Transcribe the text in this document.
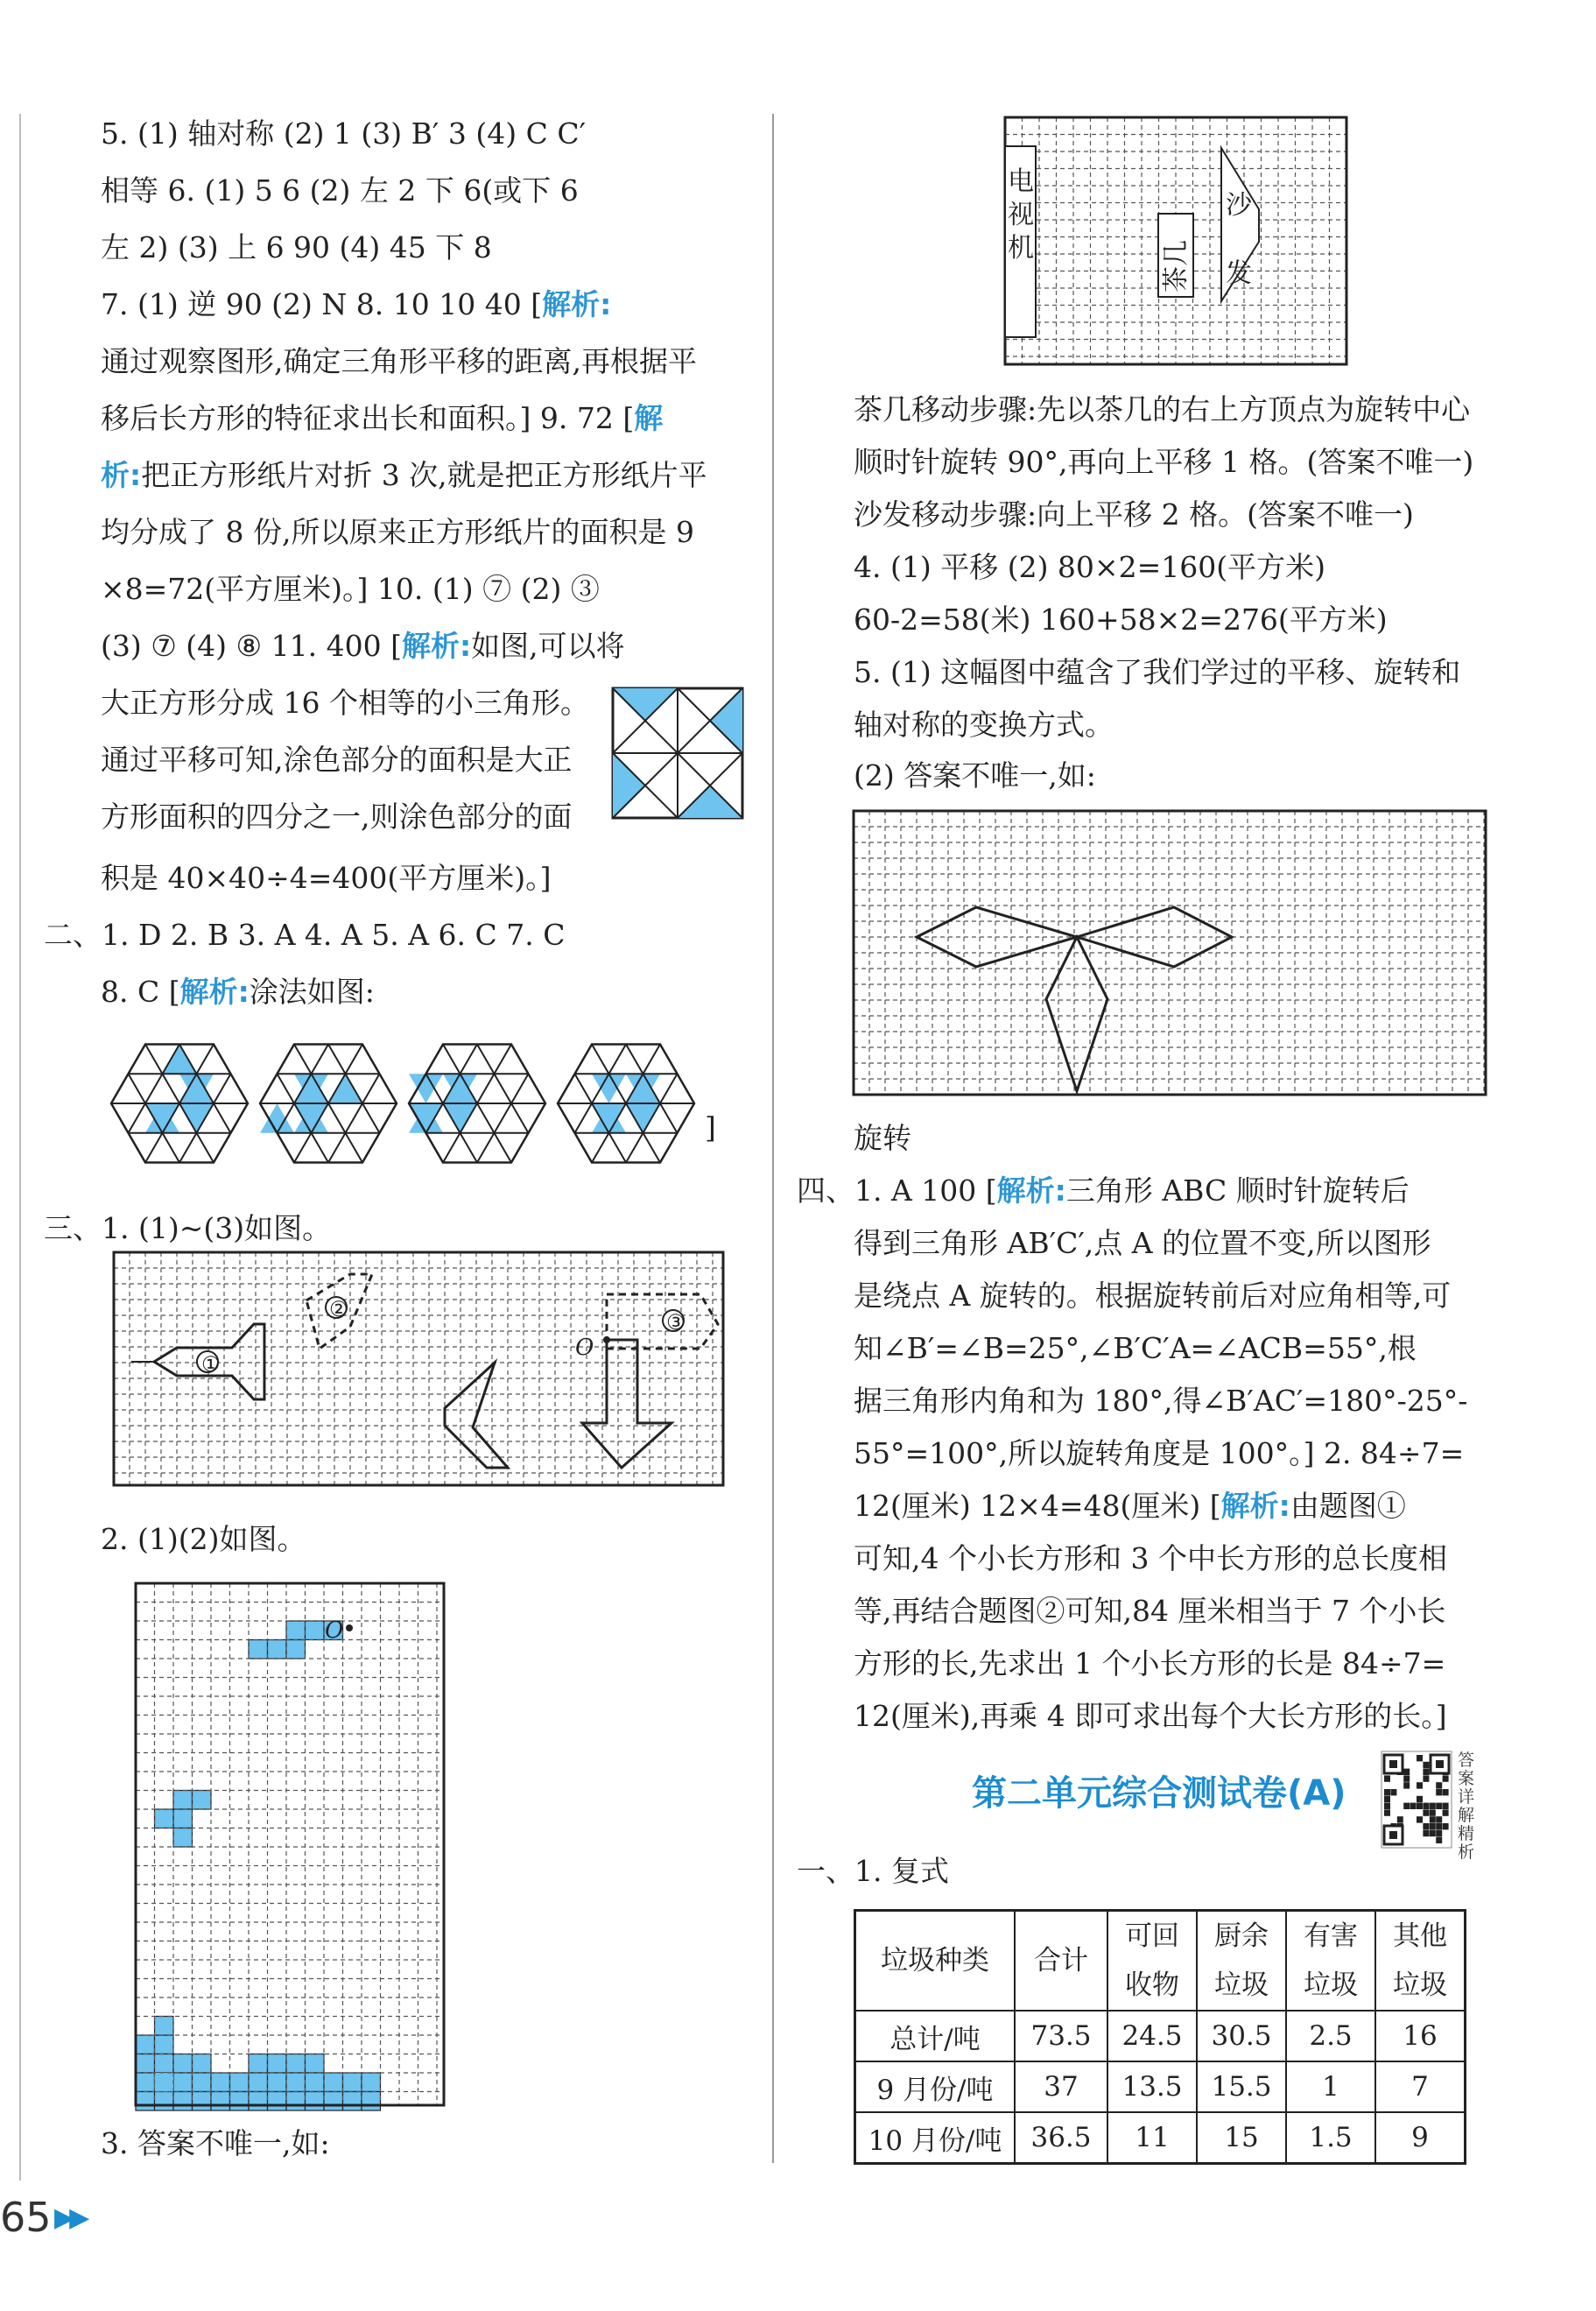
5. (1) 轴对称 (2) 1 (3) B′ 3 (4) C C′
相等 6. (1) 5 6 (2) 左 2 下 6(或下 6
左 2) (3) 上 6 90 (4) 45 下 8
7. (1) 逆 90 (2) N 8. 10 10 40 [解析:
通过观察图形,确定三角形平移的距离,再根据平
移后长方形的特征求出长和面积。] 9. 72 [解
析:把正方形纸片对折 3 次,就是把正方形纸片平
均分成了 8 份,所以原来正方形纸片的面积是 9
×8=72(平方厘米)。] 10. (1) ⑦ (2) ③
(3) ⑦ (4) ⑧ 11. 400 [解析:如图,可以将
大正方形分成 16 个相等的小三角形。
通过平移可知,涂色部分的面积是大正
方形面积的四分之一,则涂色部分的面
积是 40×40÷4=400(平方厘米)。]
二、1. D 2. B 3. A 4. A 5. A 6. C 7. C
8. C [解析:涂法如图:
]
三、1. (1)~(3)如图。
2. (1)(2)如图。
3. 答案不唯一,如:
①
②
③
O
O
电
视
机	茶几
沙
发
茶几移动步骤:先以茶几的右上方顶点为旋转中心
顺时针旋转 90°,再向上平移 1 格。(答案不唯一)
沙发移动步骤:向上平移 2 格。(答案不唯一)
4. (1) 平移 (2) 80×2=160(平方米)
60-2=58(米) 160+58×2=276(平方米)
5. (1) 这幅图中蕴含了我们学过的平移、旋转和
轴对称的变换方式。
(2) 答案不唯一,如:
旋转
四、1. A 100 [解析:三角形 ABC 顺时针旋转后
得到三角形 AB′C′,点 A 的位置不变,所以图形
是绕点 A 旋转的。根据旋转前后对应角相等,可
知∠B′=∠B=25°,∠B′C′A=∠ACB=55°,根
据三角形内角和为 180°,得∠B′AC′=180°-25°-
55°=100°,所以旋转角度是 100°。] 2. 84÷7=
12(厘米) 12×4=48(厘米) [解析:由题图①
可知,4 个小长方形和 3 个中长方形的总长度相
等,再结合题图②可知,84 厘米相当于 7 个小长
方形的长,先求出 1 个小长方形的长是 84÷7=
12(厘米),再乘 4 即可求出每个大长方形的长。]
一、1. 复式
第二单元综合测试卷(A)
答案详解精析
垃圾种类	合计	可回收物	厨余垃圾	有害垃圾	其他垃圾
总计/吨	73.5	24.5	30.5	2.5	16
9 月份/吨	37	13.5	15.5	1	7
10 月份/吨	36.5	11	15	1.5	9
65 ▶▶
